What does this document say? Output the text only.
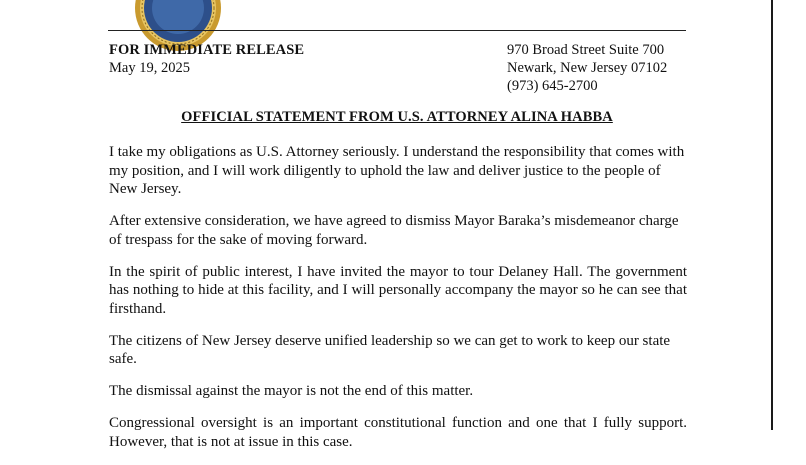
FOR IMMEDIATE RELEASE
May 19, 2025
970 Broad Street Suite 700
Newark, New Jersey 07102
(973) 645-2700
OFFICIAL STATEMENT FROM U.S. ATTORNEY ALINA HABBA

I take my obligations as U.S. Attorney seriously. I understand the responsibility that comes with my position, and I will work diligently to uphold the law and deliver justice to the people of New Jersey.

After extensive consideration, we have agreed to dismiss Mayor Baraka’s misdemeanor charge of trespass for the sake of moving forward.

In the spirit of public interest, I have invited the mayor to tour Delaney Hall. The government has nothing to hide at this facility, and I will personally accompany the mayor so he can see that firsthand.

The citizens of New Jersey deserve unified leadership so we can get to work to keep our state safe.

The dismissal against the mayor is not the end of this matter.

Congressional oversight is an important constitutional function and one that I fully support. However, that is not at issue in this case.
